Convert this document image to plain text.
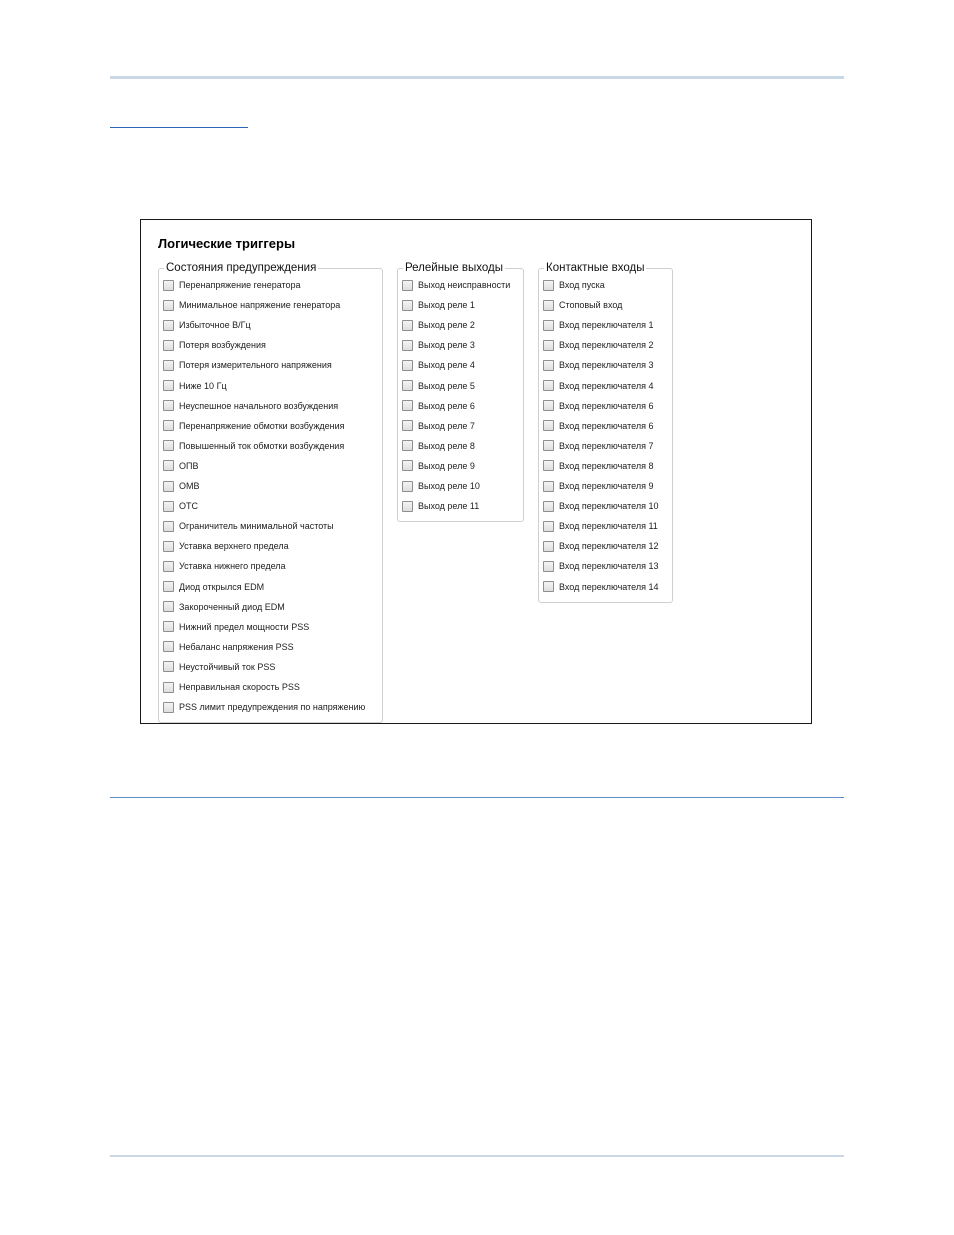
Логические триггеры
Состояния предупреждения
Перенапряжение генератора
Минимальное напряжение генератора
Избыточное В/Гц
Потеря возбуждения
Потеря измерительного напряжения
Ниже 10 Гц
Неуспешное начального возбуждения
Перенапряжение обмотки возбуждения
Повышенный ток обмотки возбуждения
ОПВ
OMB
OTC
Ограничитель минимальной частоты
Уставка верхнего предела
Уставка нижнего предела
Диод открылся EDM
Закороченный диод EDM
Нижний предел мощности PSS
Небаланс напряжения PSS
Неустойчивый ток PSS
Неправильная скорость PSS
PSS лимит предупреждения по напряжению
Релейные выходы
Выход неисправности
Выход реле 1
Выход реле 2
Выход реле 3
Выход реле 4
Выход реле 5
Выход реле 6
Выход реле 7
Выход реле 8
Выход реле 9
Выход реле 10
Выход реле 11
Контактные входы
Вход пуска
Стоповый вход
Вход переключателя 1
Вход переключателя 2
Вход переключателя 3
Вход переключателя 4
Вход переключателя 6
Вход переключателя 6
Вход переключателя 7
Вход переключателя 8
Вход переключателя 9
Вход переключателя 10
Вход переключателя 11
Вход переключателя 12
Вход переключателя 13
Вход переключателя 14
